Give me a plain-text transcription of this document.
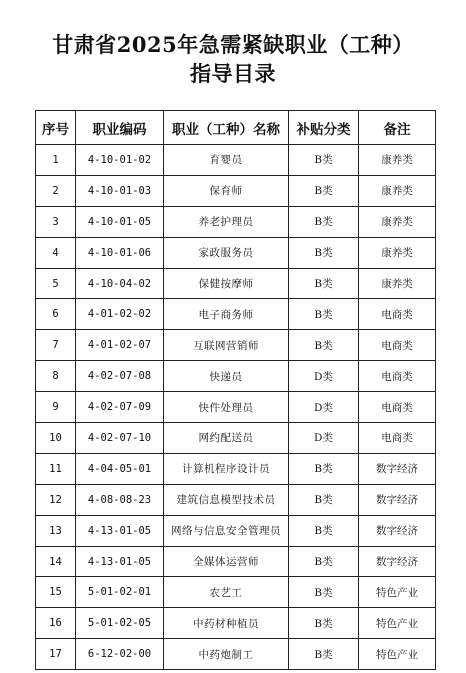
甘肃省2025年急需紧缺职业（工种）
指导目录
序号	职业编码	职业（工种）名称	补贴分类	备注
1	4-10-01-02	育婴员	B类	康养类
2	4-10-01-03	保育师	B类	康养类
3	4-10-01-05	养老护理员	B类	康养类
4	4-10-01-06	家政服务员	B类	康养类
5	4-10-04-02	保健按摩师	B类	康养类
6	4-01-02-02	电子商务师	B类	电商类
7	4-01-02-07	互联网营销师	B类	电商类
8	4-02-07-08	快递员	D类	电商类
9	4-02-07-09	快件处理员	D类	电商类
10	4-02-07-10	网约配送员	D类	电商类
11	4-04-05-01	计算机程序设计员	B类	数字经济
12	4-08-08-23	建筑信息模型技术员	B类	数字经济
13	4-13-01-05	网络与信息安全管理员	B类	数字经济
14	4-13-01-05	全媒体运营师	B类	数字经济
15	5-01-02-01	农艺工	B类	特色产业
16	5-01-02-05	中药材种植员	B类	特色产业
17	6-12-02-00	中药炮制工	B类	特色产业
